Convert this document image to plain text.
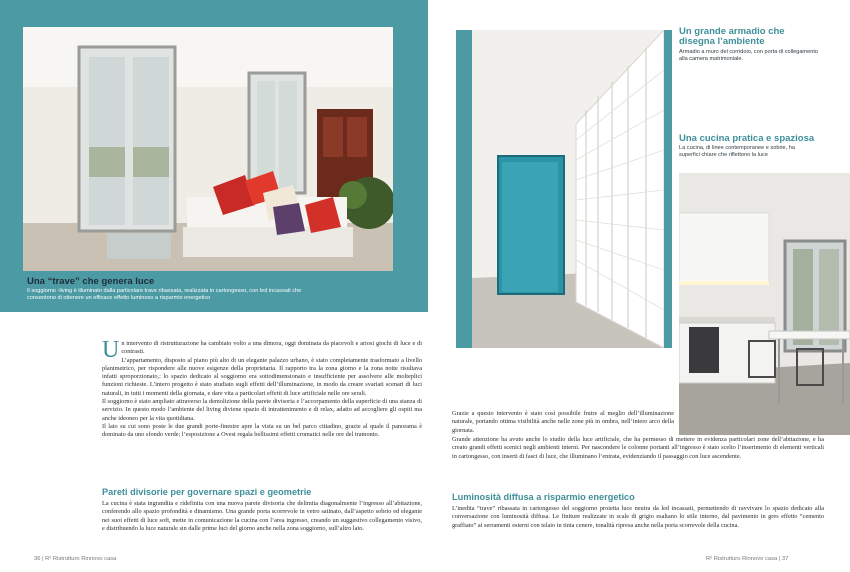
Una “trave” che genera luce
Il soggiorno -living è illuminato dalla particolare trave ribassata, realizzata in cartongesso, con led incassati che consentono di ottenere un efficace effetto luminoso a risparmio energetico
U n intervento di ristrutturazione ha cambiato volto a una dimora, oggi dominata da piacevoli e ariosi giochi di luce e di contrasti.

L’appartamento, disposto al piano più alto di un elegante palazzo urbano, è stato completamente trasformato a livello planimetrico, per rispondere alle nuove esigenze della proprietaria. Il rapporto tra la zona giorno e la zona notte risultava infatti sproporzionato,: lo spazio dedicato al soggiorno era sottodimensionato e insufficiente per assolvere alle molteplici funzioni richieste. L’intero progetto è stato studiato sugli effetti dell’illuminazione, in modo da creare svariati scenari di luci naturali, in tutti i momenti della giornata, e dare vita a particolari effetti di luce artificiale nelle ore serali.

Il soggiorno è stato ampliato attraverso la demolizione della parete divisoria e l’accorpamento della superficie di una stanza di servizio. In questo modo l’ambiente del living diviene spazio di intrattenimento e di relax, adatto ad accogliere gli ospiti ma anche ideoneo per la vita quotidiana.

Il lato su cui sono poste le due grandi porte-finestre apre la vista su un bel parco cittadino, grazie al quale il panorama è dominato da uno sfondo verde; l’esposizione a Ovest regala bellissimi effetti cromatici nelle ore del tramonto.

Pareti divisorie per governare spazi e geometrie
La cucina è stata ingrandita e ridefinita con una nuova parete divisoria che delimita diagonalmente l’ingresso all’abitazione, conferendo allo spazio profondità e dinamismo. Una grande porta scorrevole in vetro satinato, dall’aspetto sobrio ed elegante nei suoi effetti di luce soft, mette in comunicazione la cucina con l’area ingresso, creando un suggestivo collegamento visivo, e distribuendo la luce naturale sin dalle prime luci del giorno anche nella zona soggiorno, sull’altro lato.
36 | R² Ristrutturo Rinnovo casa
Un grande armadio che disegna l’ambiente
Armadio a muro del corridoio, con porta di collegamento alla camera matrimoniale.
Una cucina pratica e spaziosa
La cucina, di linee contemporanee e sobrie, ha superfici chiare che riflettono la luce

Grazie a questo intervento è stato così possibile fruire al meglio dell’illuminazione naturale, portando ottima visibilità anche nelle zone più in ombra, nell’intero arco della giornata.

Grande attenzione ha avuto anche lo studio della luce artificiale, che ha permesso di mettere in evidenza particolari zone dell’abitazione, e ha creato grandi effetti scenici negli ambienti interni. Per nascondere le colonne portanti all’ingresso è stato scelto l’inserimento di elementi verticali in cartongesso, con inserti di fasci di luce, che illuminano l’entrata, evidenziando il passaggio con luce ascendente.

Luminosità diffusa a risparmio energetico
L’inedita “trave” ribassata in cartongesso del soggiorno proietta luce neutra da led incassati, permettendo di ravvivare lo spazio dedicato alla conversazione con luminosità diffusa. Le finiture realizzate in scale di grigio esaltano lo stile interno, dal pavimento in gres effetto “cemento graffiato” ai serramenti esterni con telaio in tinta cenere, tonalità ripresa anche nella porta scorrevole della cucina.
R² Ristrutturo Rinnovo casa | 37
